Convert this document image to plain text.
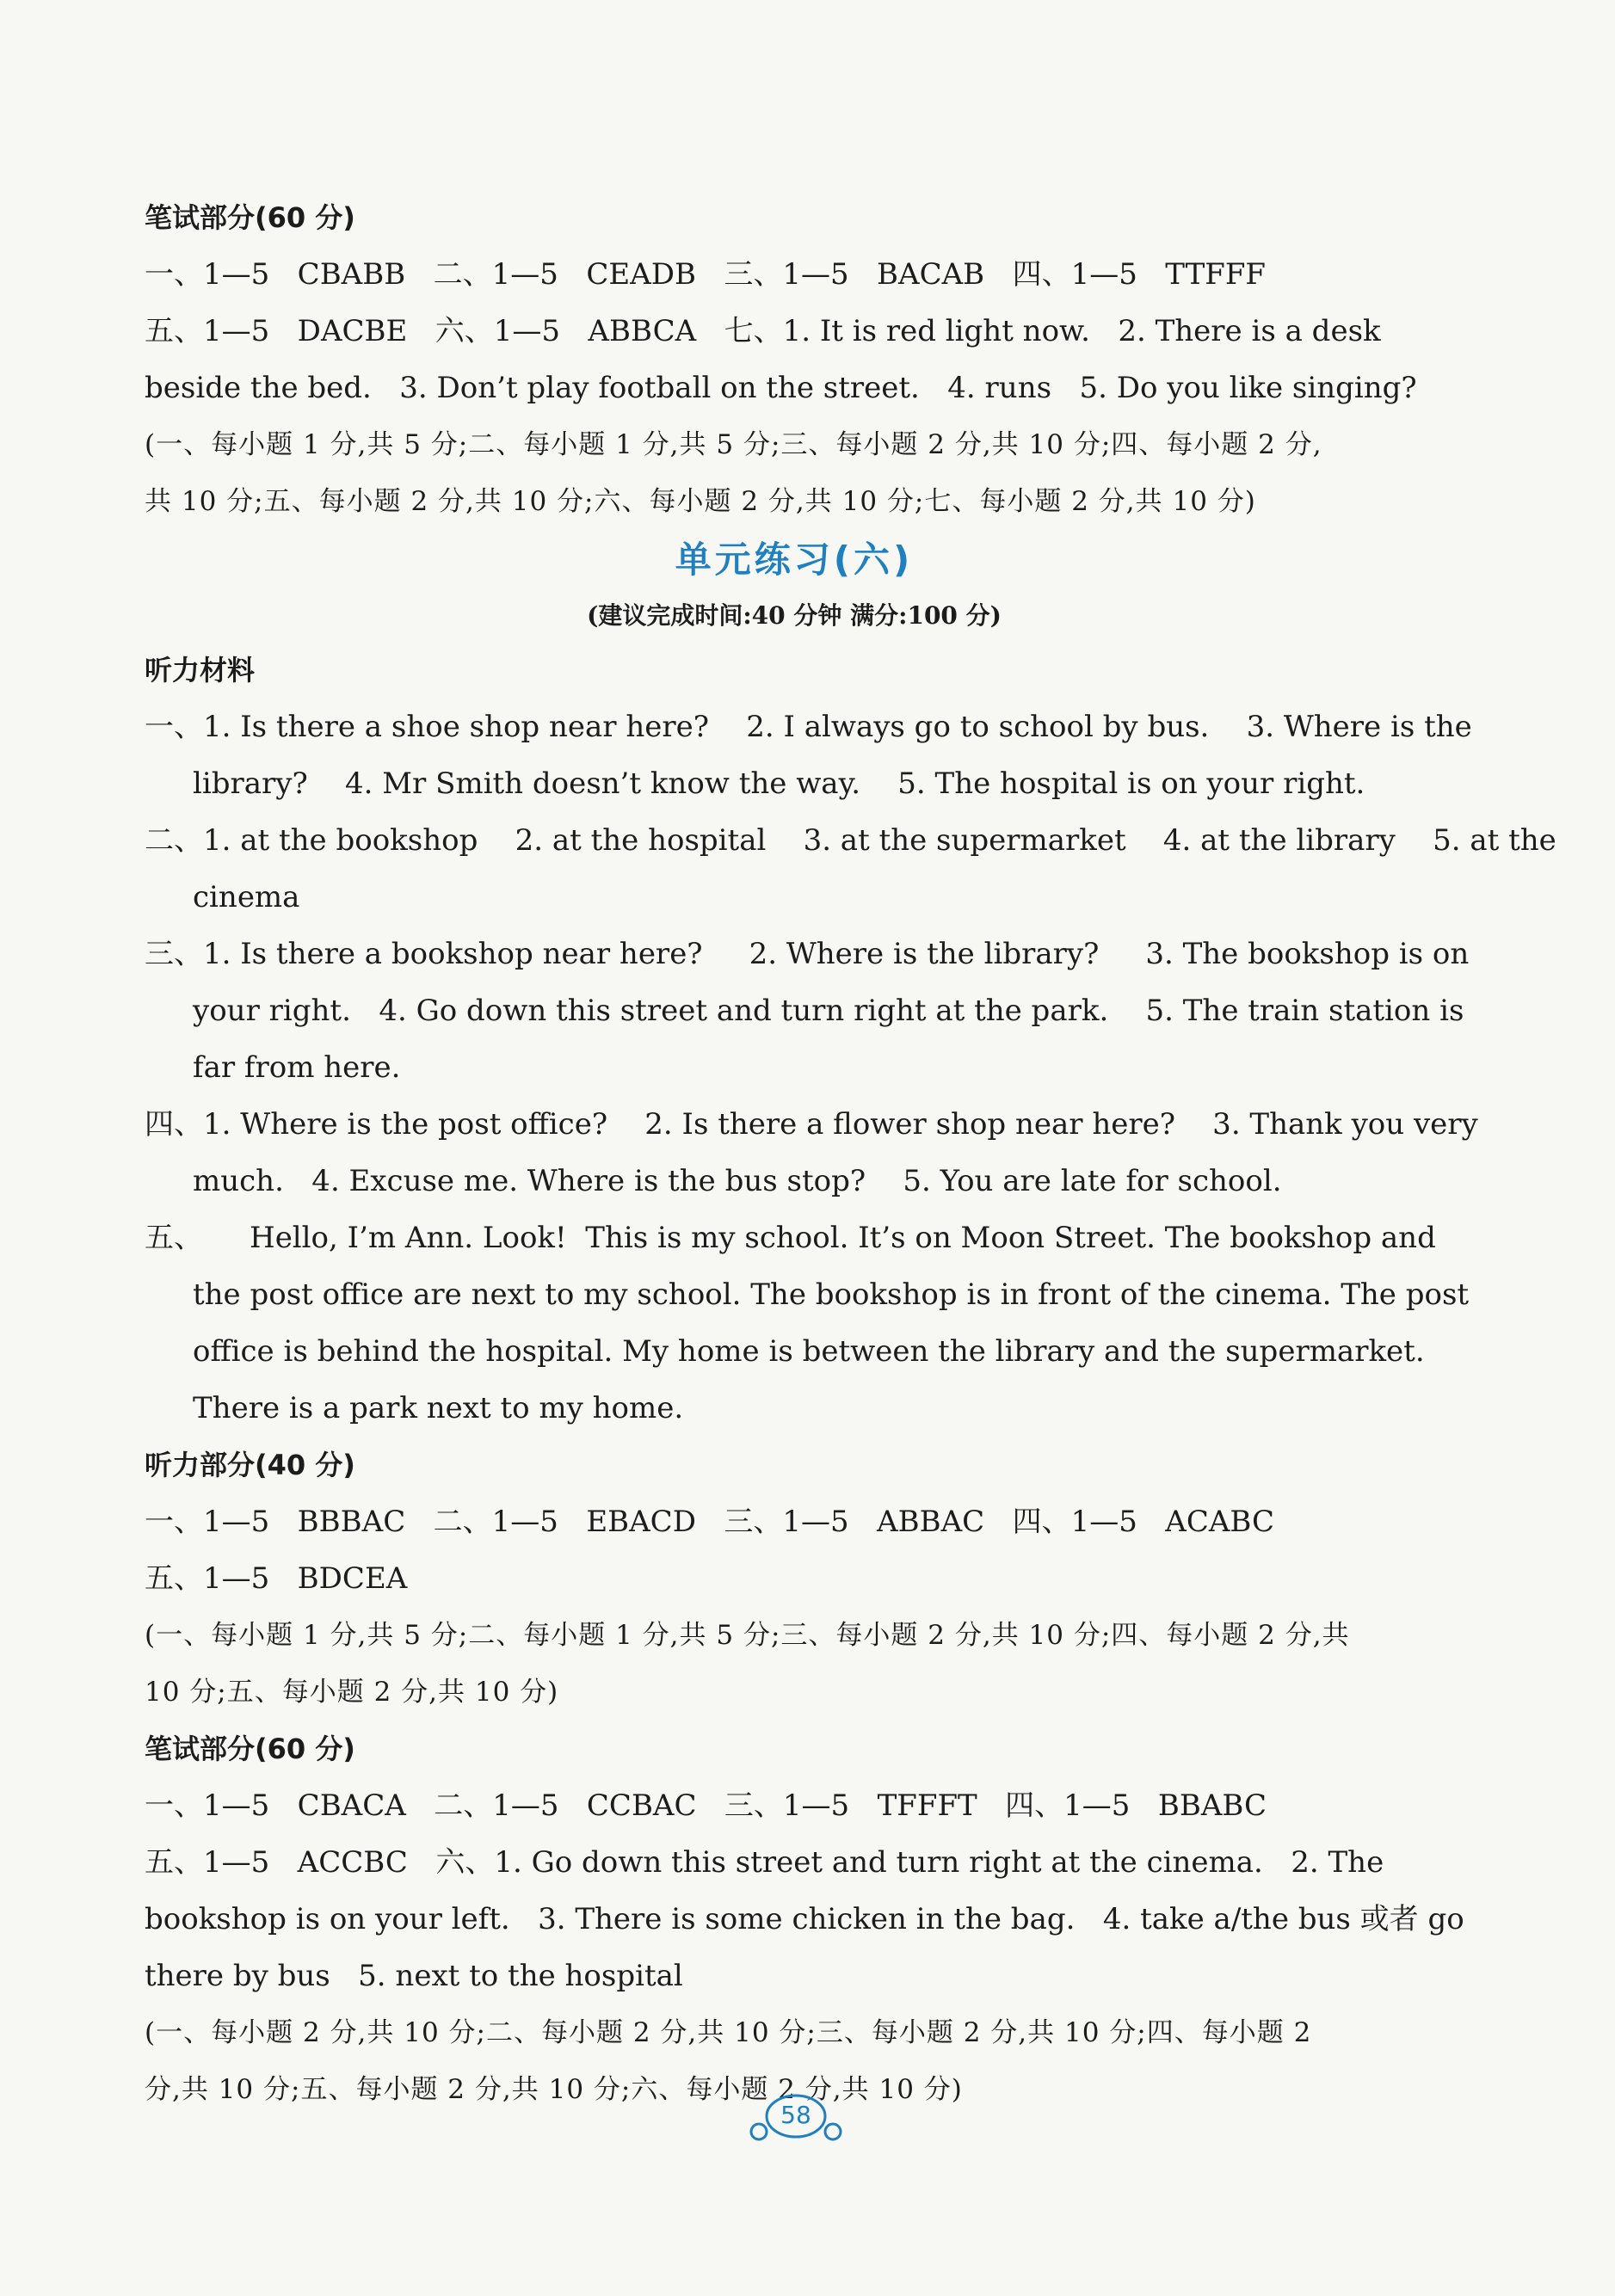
笔试部分(60 分)
一、1—5   CBABB   二、1—5   CEADB   三、1—5   BACAB   四、1—5   TTFFF
五、1—5   DACBE   六、1—5   ABBCA   七、1. It is red light now.   2. There is a desk
beside the bed.   3. Don’t play football on the street.   4. runs   5. Do you like singing?
(一、每小题 1 分,共 5 分;二、每小题 1 分,共 5 分;三、每小题 2 分,共 10 分;四、每小题 2 分,
共 10 分;五、每小题 2 分,共 10 分;六、每小题 2 分,共 10 分;七、每小题 2 分,共 10 分)
单元练习(六)
(建议完成时间:40 分钟 满分:100 分)
听力材料
一、1. Is there a shoe shop near here?    2. I always go to school by bus.    3. Where is the
library?    4. Mr Smith doesn’t know the way.    5. The hospital is on your right.
二、1. at the bookshop    2. at the hospital    3. at the supermarket    4. at the library    5. at the
cinema
三、1. Is there a bookshop near here?     2. Where is the library?     3. The bookshop is on
your right.   4. Go down this street and turn right at the park.    5. The train station is
far from here.
四、1. Where is the post office?    2. Is there a flower shop near here?    3. Thank you very
much.   4. Excuse me. Where is the bus stop?    5. You are late for school.
五、     Hello, I’m Ann. Look!  This is my school. It’s on Moon Street. The bookshop and
the post office are next to my school. The bookshop is in front of the cinema. The post
office is behind the hospital. My home is between the library and the supermarket.
There is a park next to my home.
听力部分(40 分)
一、1—5   BBBAC   二、1—5   EBACD   三、1—5   ABBAC   四、1—5   ACABC
五、1—5   BDCEA
(一、每小题 1 分,共 5 分;二、每小题 1 分,共 5 分;三、每小题 2 分,共 10 分;四、每小题 2 分,共
10 分;五、每小题 2 分,共 10 分)
笔试部分(60 分)
一、1—5   CBACA   二、1—5   CCBAC   三、1—5   TFFFT   四、1—5   BBABC
五、1—5   ACCBC   六、1. Go down this street and turn right at the cinema.   2. The
bookshop is on your left.   3. There is some chicken in the bag.   4. take a/the bus 或者 go
there by bus   5. next to the hospital
(一、每小题 2 分,共 10 分;二、每小题 2 分,共 10 分;三、每小题 2 分,共 10 分;四、每小题 2
分,共 10 分;五、每小题 2 分,共 10 分;六、每小题 2 分,共 10 分)
58
